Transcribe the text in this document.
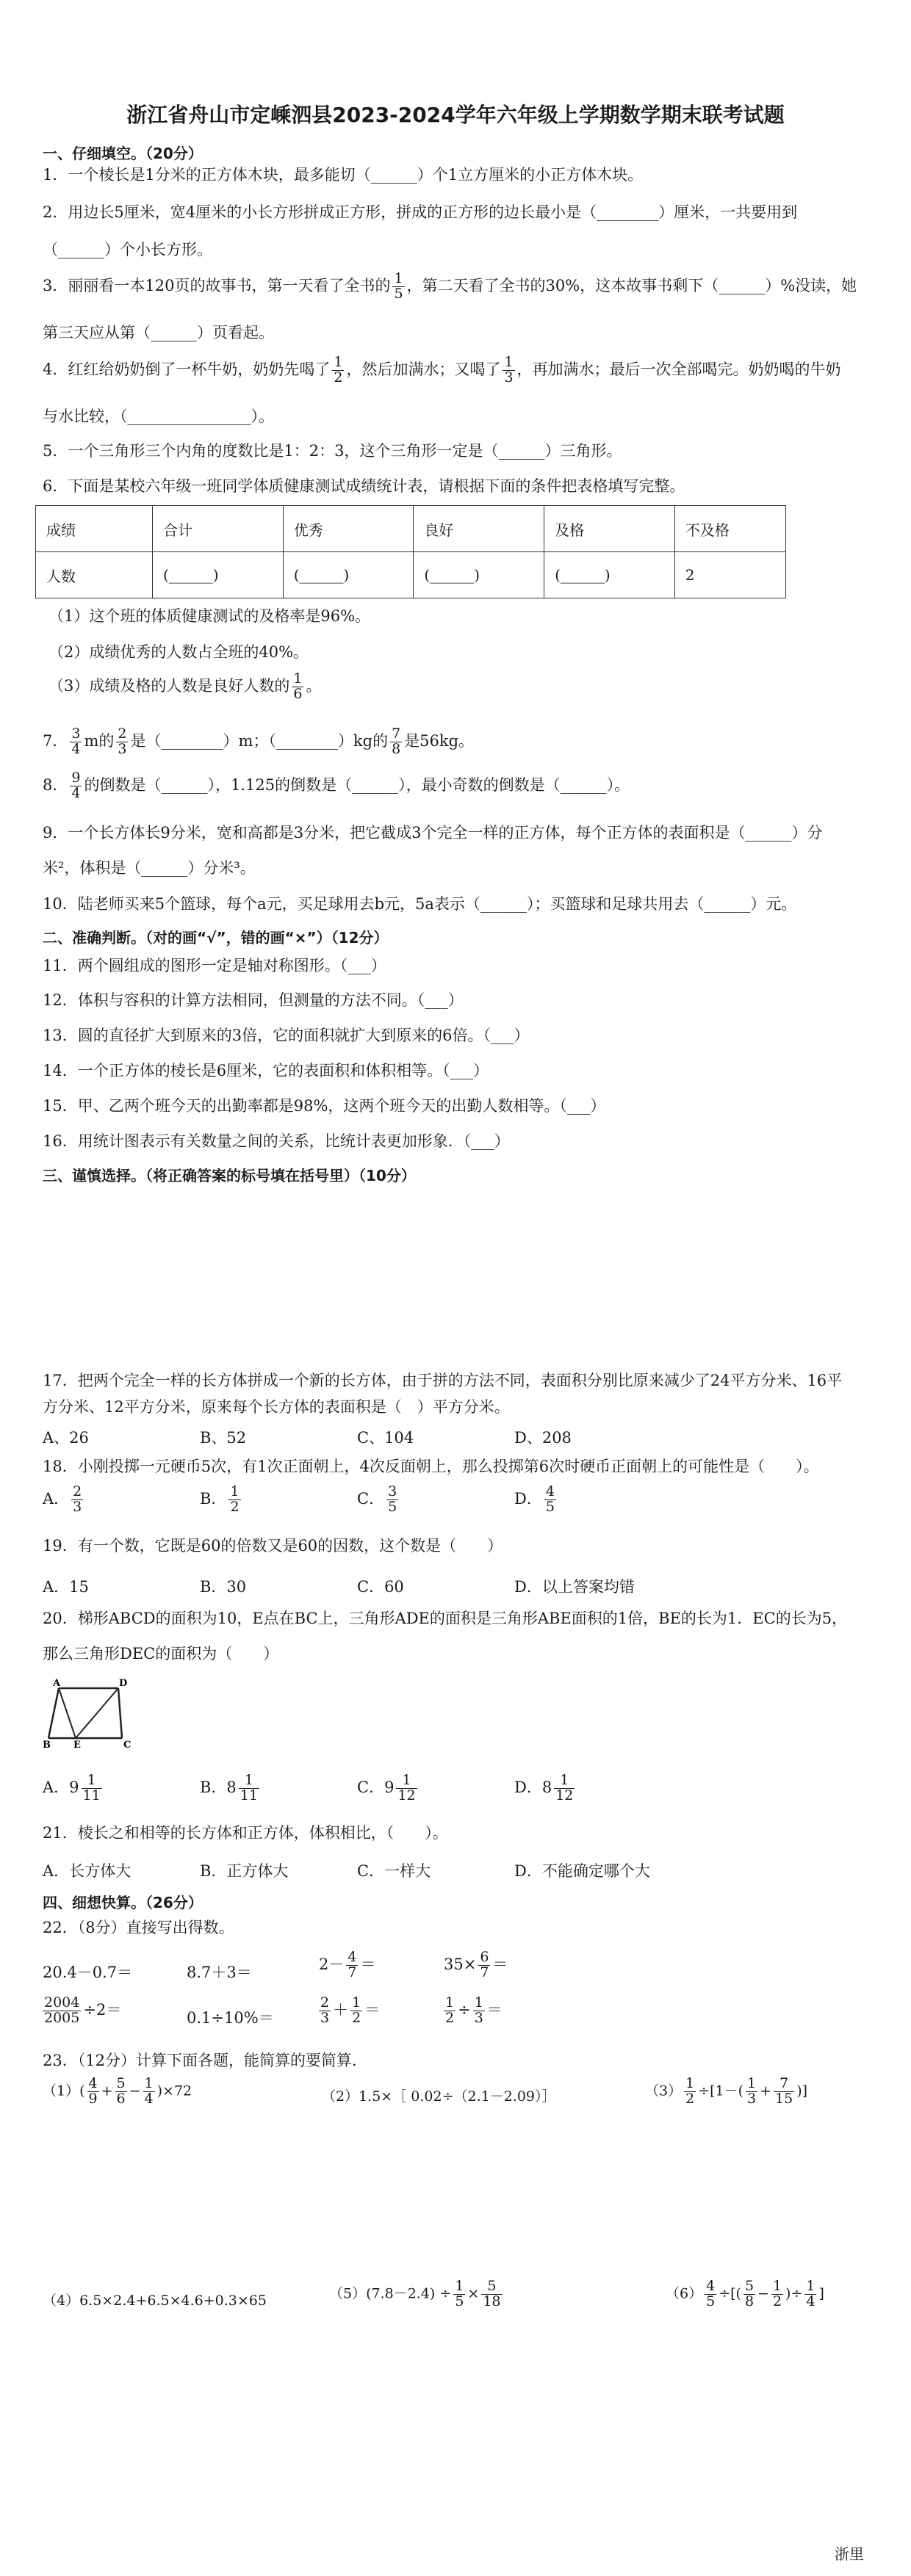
浙江省舟山市定嵊泗县2023-2024学年六年级上学期数学期末联考试题
一、仔细填空。（20分）
1．一个棱长是1分米的正方体木块，最多能切（______）个1立方厘米的小正方体木块。
2．用边长5厘米，宽4厘米的小长方形拼成正方形，拼成的正方形的边长最小是（________）厘米，一共要用到
（______）个小长方形。
3．丽丽看一本120页的故事书，第一天看了全书的 $\frac{1}{5}$ ，第二天看了全书的30%，这本故事书剩下（______）%没读，她
第三天应从第（______）页看起。
4．红红给奶奶倒了一杯牛奶，奶奶先喝了 $\frac{1}{2}$ ，然后加满水；又喝了 $\frac{1}{3}$ ，再加满水；最后一次全部喝完。奶奶喝的牛奶
与水比较，（________________）。
5．一个三角形三个内角的度数比是1：2：3，这个三角形一定是（______）三角形。
6．下面是某校六年级一班同学体质健康测试成绩统计表，请根据下面的条件把表格填写完整。
成绩	合计	优秀	良好	及格	不及格
人数	(______)	(______)	(______)	(______)	2
（1）这个班的体质健康测试的及格率是96%。
（2）成绩优秀的人数占全班的40%。
（3）成绩及格的人数是良好人数的 $\frac{1}{6}$ 。
7． $\frac{3}{4}$ m的 $\frac{2}{3}$ 是（________）m；（________）kg的 $\frac{7}{8}$ 是56kg。
8． $\frac{9}{4}$ 的倒数是（______），1.125的倒数是（______），最小奇数的倒数是（______）。
9．一个长方体长9分米，宽和高都是3分米，把它截成3个完全一样的正方体，每个正方体的表面积是（______）分
米²，体积是（______）分米³。
10．陆老师买来5个篮球，每个a元，买足球用去b元，5a表示（______）；买篮球和足球共用去（______）元。
二、准确判断。（对的画“√”，错的画“×”）（12分）
11．两个圆组成的图形一定是轴对称图形。（___）
12．体积与容积的计算方法相同，但测量的方法不同。（___）
13．圆的直径扩大到原来的3倍，它的面积就扩大到原来的6倍。（___）
14．一个正方体的棱长是6厘米，它的表面积和体积相等。（___）
15．甲、乙两个班今天的出勤率都是98%，这两个班今天的出勤人数相等。（___）
16．用统计图表示有关数量之间的关系，比统计表更加形象．（___）
三、谨慎选择。（将正确答案的标号填在括号里）（10分）
17．把两个完全一样的长方体拼成一个新的长方体，由于拼的方法不同，表面积分别比原来减少了24平方分米、16平
方分米、12平方分米，原来每个长方体的表面积是（　）平方分米。
A、26	B、52	C、104	D、208
18．小刚投掷一元硬币5次，有1次正面朝上，4次反面朝上，那么投掷第6次时硬币正面朝上的可能性是（　　）。
A． $\frac{2}{3}$	B． $\frac{1}{2}$	C． $\frac{3}{5}$	D． $\frac{4}{5}$
19．有一个数，它既是60的倍数又是60的因数，这个数是（　　）
A．15	B．30	C．60	D．以上答案均错
20．梯形ABCD的面积为10，E点在BC上，三角形ADE的面积是三角形ABE面积的1倍，BE的长为1．EC的长为5，
那么三角形DEC的面积为（　　）
A	D
B E	C
A．$9 \frac{1}{11}$	B．$8 \frac{1}{11}$	C．$9 \frac{1}{12}$	D．$8 \frac{1}{12}$
21．棱长之和相等的长方体和正方体，体积相比，（　　）。
A．长方体大	B．正方体大	C．一样大	D．不能确定哪个大
四、细想快算。（26分）
22．（8分）直接写出得数。
20.4－0.7＝	8.7＋3＝	$2- \frac{4}{7}$ ＝	$35\times \frac{6}{7}$ ＝
$\frac{2004}{2005} \div 2=$	0.1÷10%＝	$\frac{2}{3} + \frac{1}{2}$ ＝	$\frac{1}{2} \div \frac{1}{3}$ ＝
23．（12分）计算下面各题，能简算的要简算．
$(1)( \frac{4}{9} + \frac{5}{6} - \frac{1}{4} )\times 72$	（2）1.5×［ 0.02÷（2.1－2.09）］	$(3) \frac{1}{2} \div[1-( \frac{1}{3} + \frac{7}{15}$ )]
（4）6.5×2.4+6.5×4.6+0.3×65	$(5)(7.8-2.4) \div \frac{1}{5} \times \frac{5}{18}$	$(6) \frac{4}{5}$ ÷[( $\frac{5}{8} - \frac{1}{2}$ )÷ $\frac{1}{4}$ ]
浙里
